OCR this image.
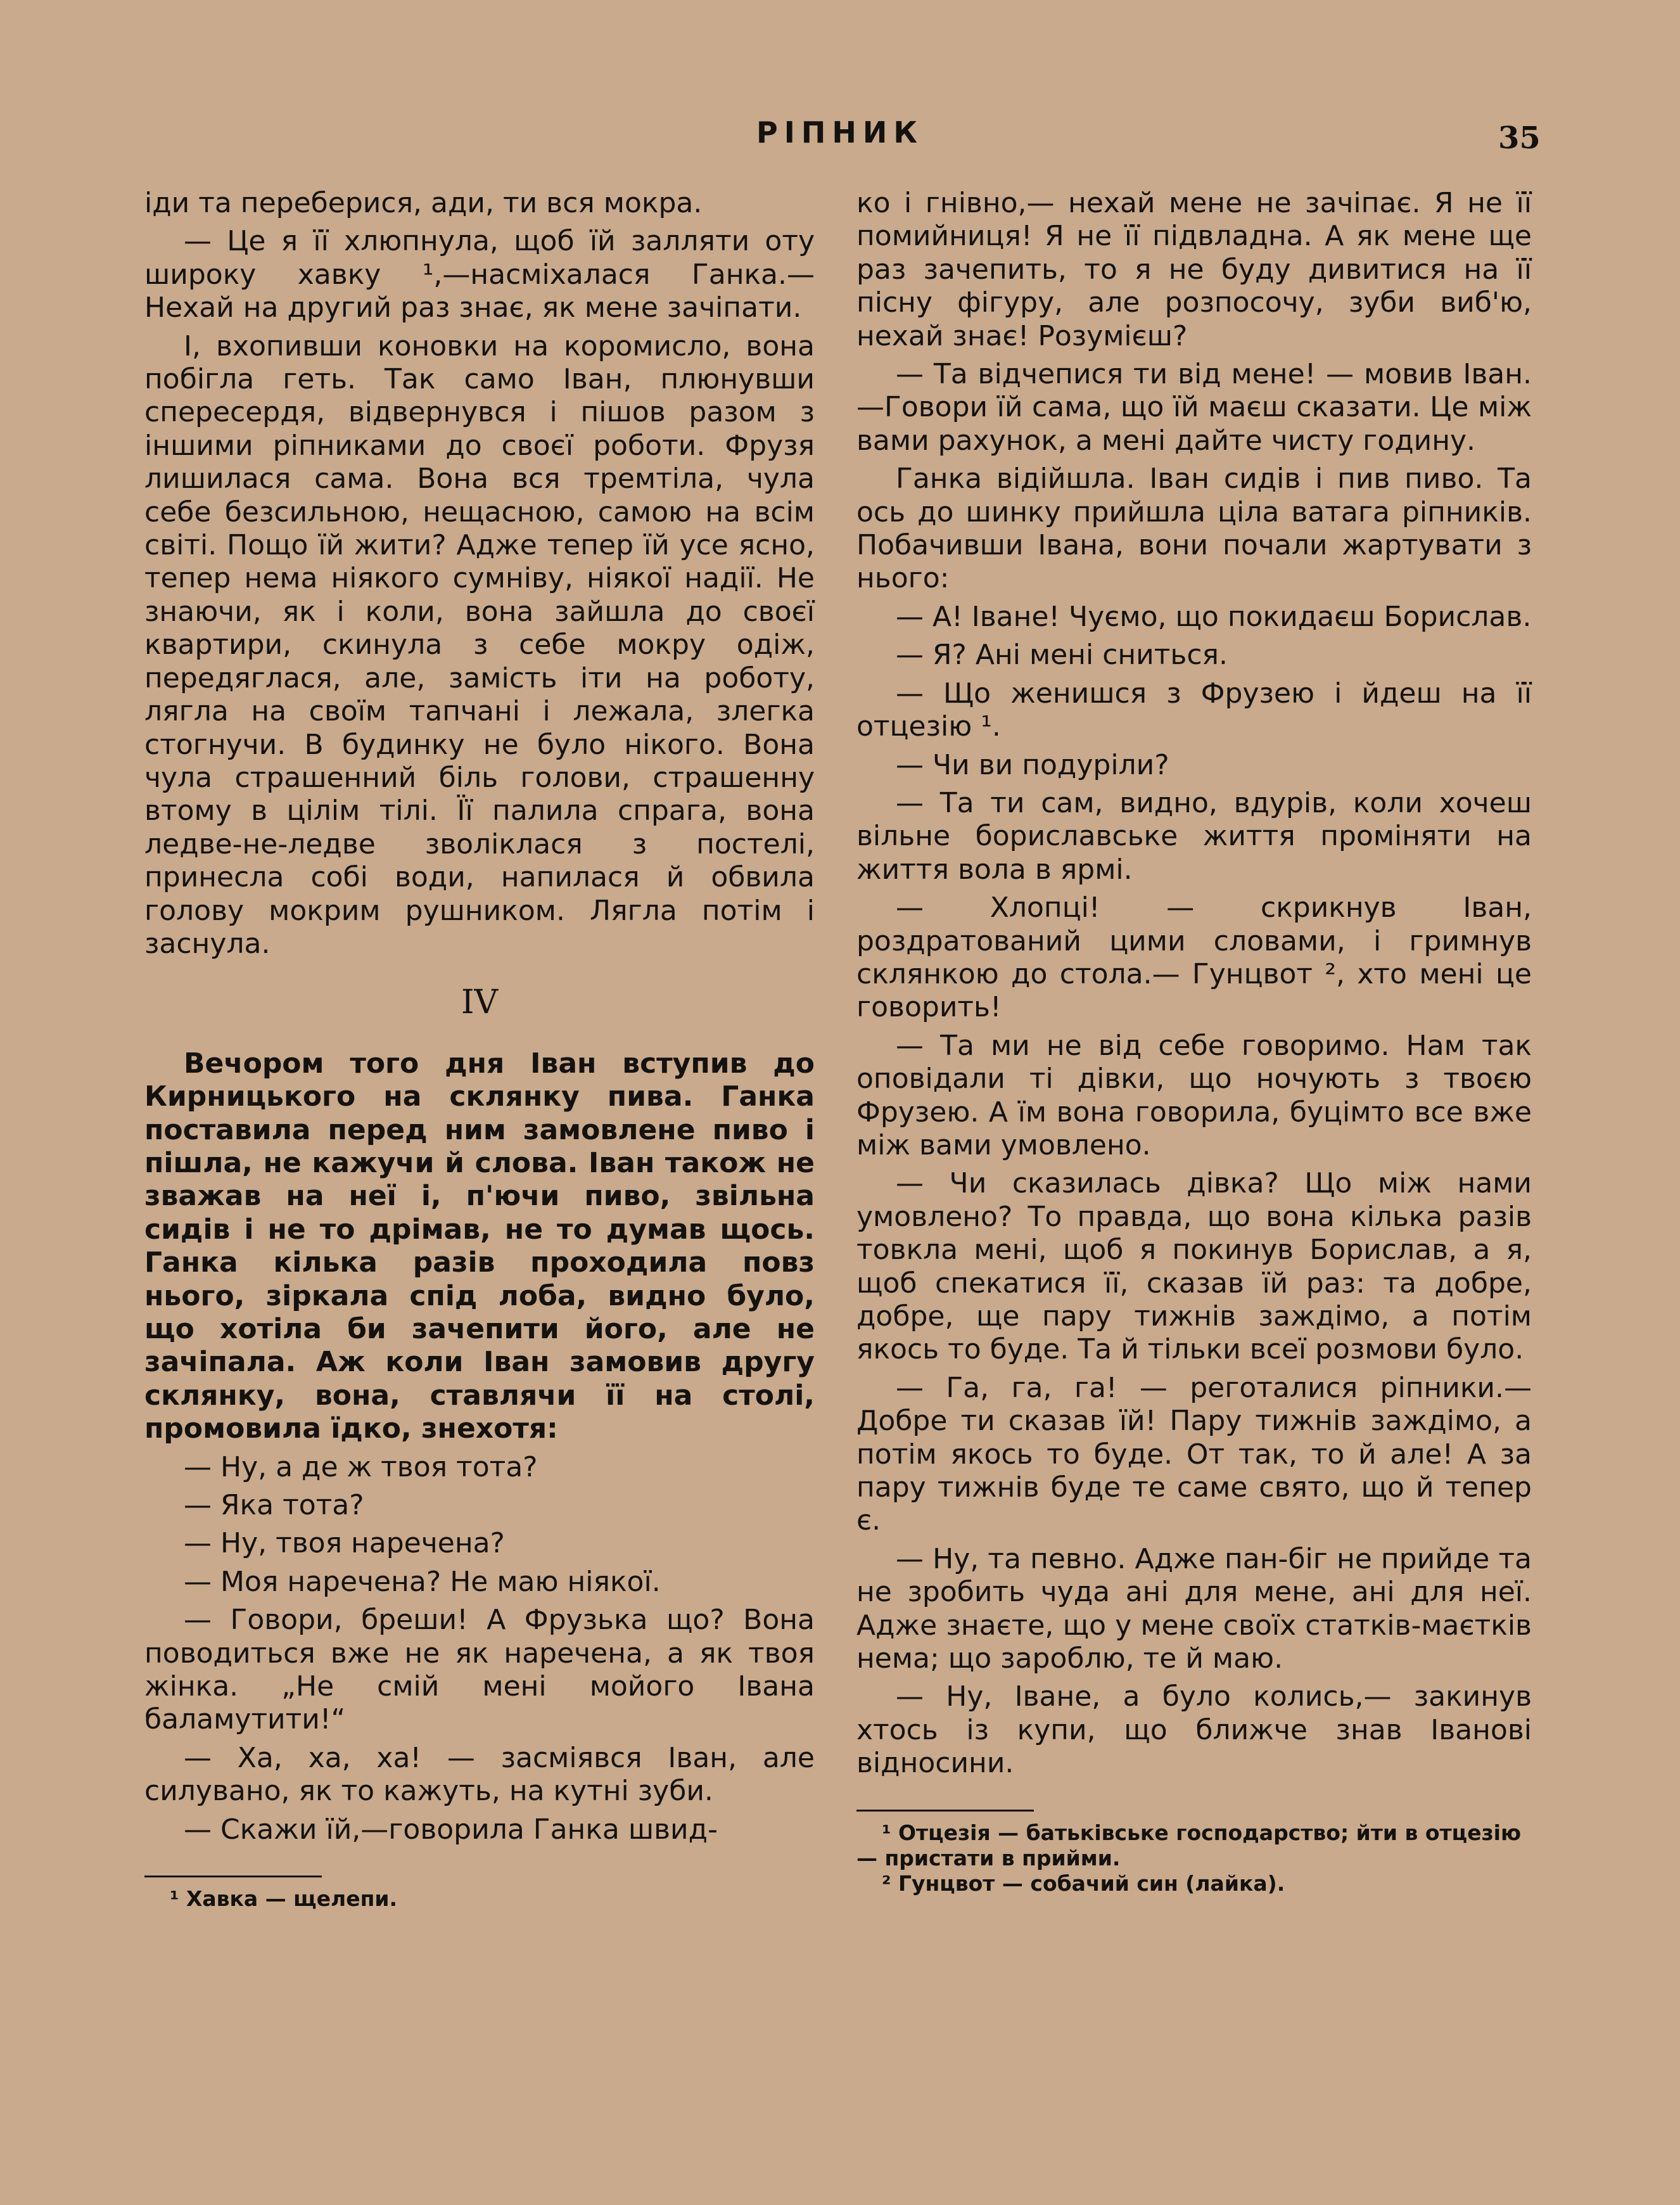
РІПНИК	35

іди та переберися, ади, ти вся мокра.

— Це я її хлюпнула, щоб їй залляти оту широку хавку ¹,—насміхалася Ганка.— Нехай на другий раз знає, як мене зачіпати.

І, вхопивши коновки на коромисло, вона побігла геть. Так само Іван, плюнувши спересердя, відвернувся і пішов разом з іншими ріпниками до своєї роботи. Фрузя лишилася сама. Вона вся тремтіла, чула себе безсильною, нещасною, самою на всім світі. Пощо їй жити? Адже тепер їй усе ясно, тепер нема ніякого сумніву, ніякої надії. Не знаючи, як і коли, вона зайшла до своєї квартири, скинула з себе мокру одіж, передяглася, але, замість іти на роботу, лягла на своїм тапчані і лежала, злегка стогнучи. В будинку не було нікого. Вона чула страшенний біль голови, страшенну втому в цілім тілі. Її палила спрага, вона ледве-не-ледве зволіклася з постелі, принесла собі води, напилася й обвила голову мокрим рушником. Лягла потім і заснула.

IV

Вечором того дня Іван вступив до Кирницького на склянку пива. Ганка поставила перед ним замовлене пиво і пішла, не кажучи й слова. Іван також не зважав на неї і, п'ючи пиво, звільна сидів і не то дрімав, не то думав щось. Ганка кілька разів проходила повз нього, зіркала спід лоба, видно було, що хотіла би зачепити його, але не зачіпала. Аж коли Іван замовив другу склянку, вона, ставлячи її на столі, промовила їдко, знехотя:

— Ну, а де ж твоя тота?

— Яка тота?

— Ну, твоя наречена?

— Моя наречена? Не маю ніякої.

— Говори, бреши! А Фрузька що? Вона поводиться вже не як наречена, а як твоя жінка. „Не смій мені мойого Івана баламутити!“

— Ха, ха, ха! — засміявся Іван, але силувано, як то кажуть, на кутні зуби.

— Скажи їй,—говорила Ганка швид-

¹ Хавка — щелепи.

ко і гнівно,— нехай мене не зачіпає. Я не її помийниця! Я не її підвладна. А як мене ще раз зачепить, то я не буду дивитися на її пісну фігуру, але розпосочу, зуби виб'ю, нехай знає! Розумієш?

— Та відчепися ти від мене! — мовив Іван.—Говори їй сама, що їй маєш сказати. Це між вами рахунок, а мені дайте чисту годину.

Ганка відійшла. Іван сидів і пив пиво. Та ось до шинку прийшла ціла ватага ріпників. Побачивши Івана, вони почали жартувати з нього:

— А! Іване! Чуємо, що покидаєш Борислав.

— Я? Ані мені сниться.

— Що женишся з Фрузею і йдеш на її отцезію ¹.

— Чи ви подуріли?

— Та ти сам, видно, вдурів, коли хочеш вільне бориславське життя проміняти на життя вола в ярмі.

— Хлопці! — скрикнув Іван, роздратований цими словами, і гримнув склянкою до стола.— Гунцвот ², хто мені це говорить!

— Та ми не від себе говоримо. Нам так оповідали ті дівки, що ночують з твоєю Фрузею. А їм вона говорила, буцімто все вже між вами умовлено.

— Чи сказилась дівка? Що між нами умовлено? То правда, що вона кілька разів товкла мені, щоб я покинув Борислав, а я, щоб спекатися її, сказав їй раз: та добре, добре, ще пару тижнів заждімо, а потім якось то буде. Та й тільки всеї розмови було.

— Га, га, га! — реготалися ріпники.— Добре ти сказав їй! Пару тижнів заждімо, а потім якось то буде. От так, то й але! А за пару тижнів буде те саме свято, що й тепер є.

— Ну, та певно. Адже пан-біг не прийде та не зробить чуда ані для мене, ані для неї. Адже знаєте, що у мене своїх статків-маєтків нема; що зароблю, те й маю.

— Ну, Іване, а було колись,— закинув хтось із купи, що ближче знав Іванові відносини.

¹ Отцезія — батьківське господарство; йти в отцезію — пристати в прийми.

² Гунцвот — собачий син (лайка).
